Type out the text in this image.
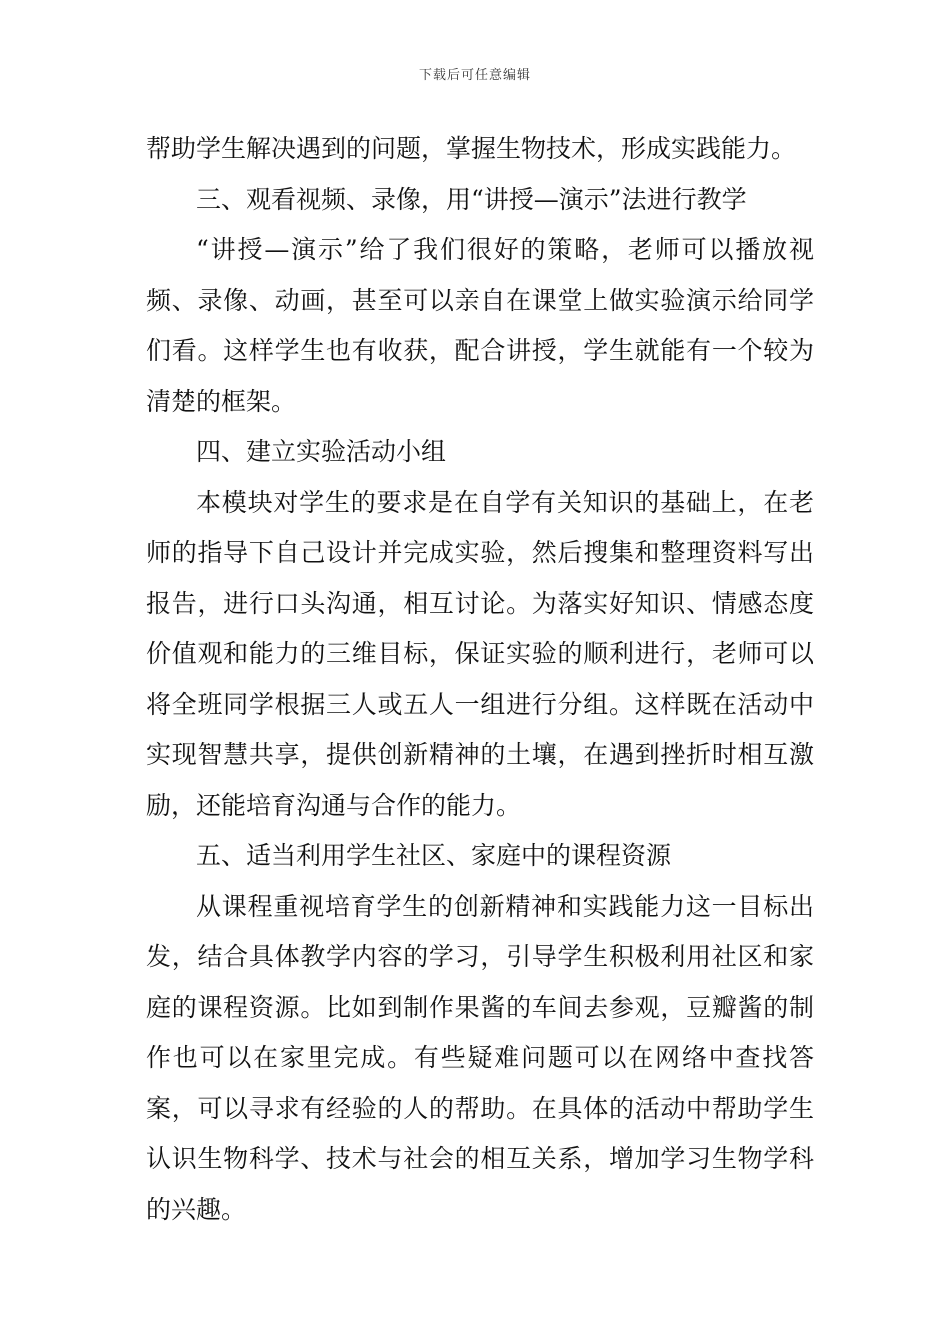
下载后可任意编辑

帮助学生解决遇到的问题，掌握生物技术，形成实践能力。

三、观看视频、录像，用“讲授—演示”法进行教学

“讲授—演示”给了我们很好的策略，老师可以播放视频、录像、动画，甚至可以亲自在课堂上做实验演示给同学们看。这样学生也有收获，配合讲授，学生就能有一个较为清楚的框架。

四、建立实验活动小组

本模块对学生的要求是在自学有关知识的基础上，在老师的指导下自己设计并完成实验，然后搜集和整理资料写出报告，进行口头沟通，相互讨论。为落实好知识、情感态度价值观和能力的三维目标，保证实验的顺利进行，老师可以将全班同学根据三人或五人一组进行分组。这样既在活动中实现智慧共享，提供创新精神的土壤，在遇到挫折时相互激励，还能培育沟通与合作的能力。

五、适当利用学生社区、家庭中的课程资源

从课程重视培育学生的创新精神和实践能力这一目标出发，结合具体教学内容的学习，引导学生积极利用社区和家庭的课程资源。比如到制作果酱的车间去参观，豆瓣酱的制作也可以在家里完成。有些疑难问题可以在网络中查找答案，可以寻求有经验的人的帮助。在具体的活动中帮助学生认识生物科学、技术与社会的相互关系，增加学习生物学科的兴趣。
